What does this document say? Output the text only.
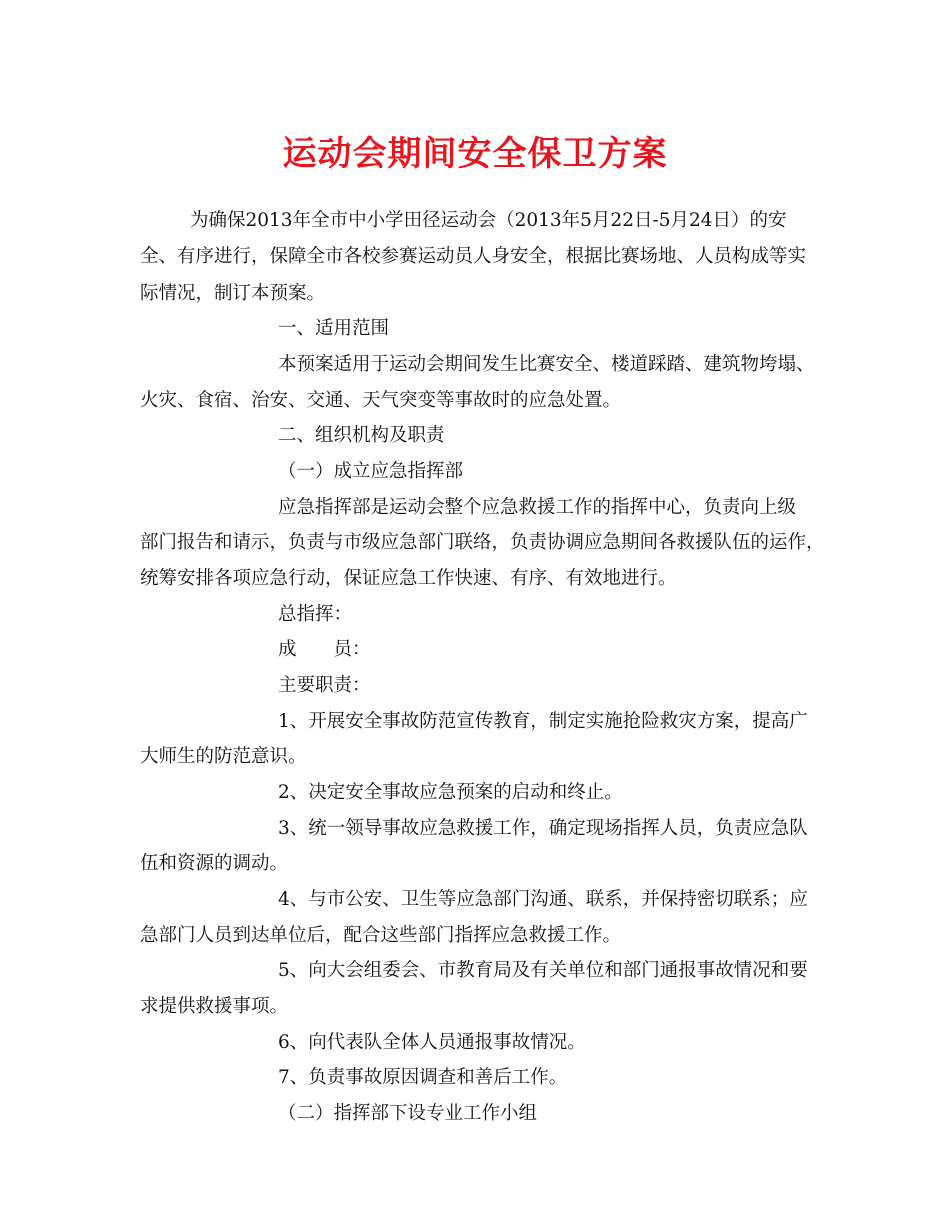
运动会期间安全保卫方案
为确保2013年全市中小学田径运动会（2013年5月22日-5月24日）的安
全、有序进行，保障全市各校参赛运动员人身安全，根据比赛场地、人员构成等实
际情况，制订本预案。
一、适用范围
本预案适用于运动会期间发生比赛安全、楼道踩踏、建筑物垮塌、
火灾、食宿、治安、交通、天气突变等事故时的应急处置。
二、组织机构及职责
（一）成立应急指挥部
应急指挥部是运动会整个应急救援工作的指挥中心，负责向上级
部门报告和请示，负责与市级应急部门联络，负责协调应急期间各救援队伍的运作，
统筹安排各项应急行动，保证应急工作快速、有序、有效地进行。
总指挥：
成　　员：
主要职责：
1、开展安全事故防范宣传教育，制定实施抢险救灾方案，提高广
大师生的防范意识。
2、决定安全事故应急预案的启动和终止。
3、统一领导事故应急救援工作，确定现场指挥人员，负责应急队
伍和资源的调动。
4、与市公安、卫生等应急部门沟通、联系，并保持密切联系；应
急部门人员到达单位后，配合这些部门指挥应急救援工作。
5、向大会组委会、市教育局及有关单位和部门通报事故情况和要
求提供救援事项。
6、向代表队全体人员通报事故情况。
7、负责事故原因调查和善后工作。
（二）指挥部下设专业工作小组
